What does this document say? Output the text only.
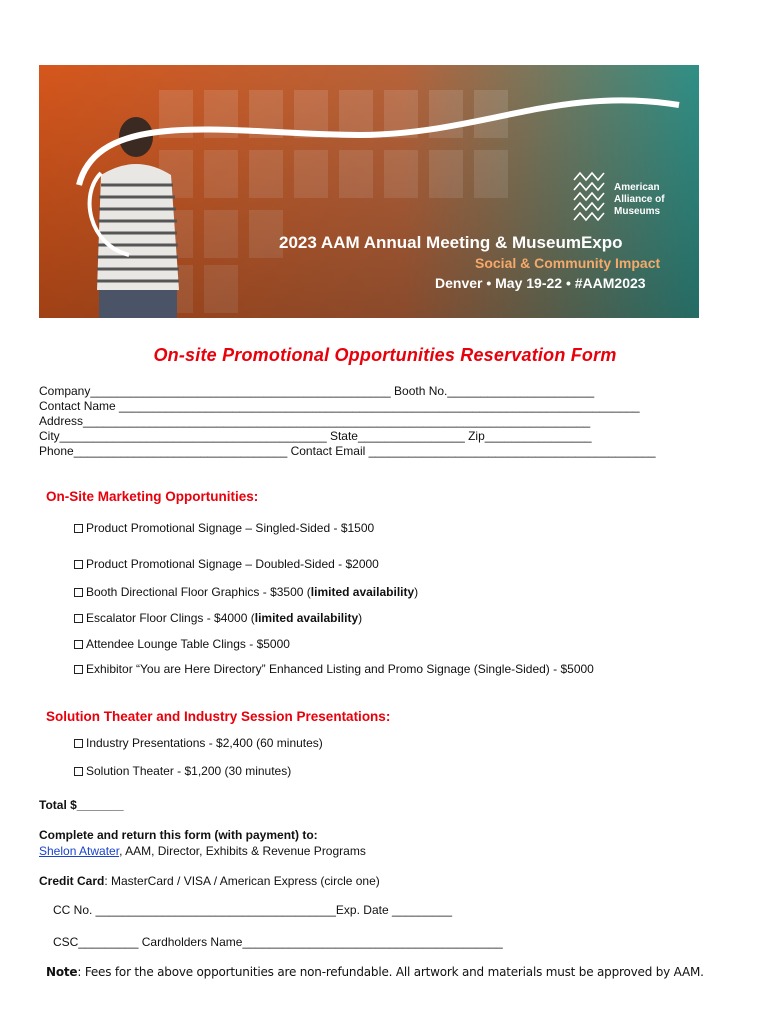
American
Alliance of
Museums
2023 AAM Annual Meeting & MuseumExpo
Social & Community Impact
Denver • May 19-22 • #AAM2023
On-site Promotional Opportunities Reservation Form
Company_____________________________________________ Booth No.______________________
Contact Name ______________________________________________________________________________
Address____________________________________________________________________________
City________________________________________ State________________ Zip________________
Phone________________________________ Contact Email ___________________________________________
On-Site Marketing Opportunities:
Product Promotional Signage – Singled-Sided - $1500
Product Promotional Signage – Doubled-Sided - $2000
Booth Directional Floor Graphics - $3500 (limited availability)
Escalator Floor Clings - $4000 (limited availability)
Attendee Lounge Table Clings - $5000
Exhibitor “You are Here Directory” Enhanced Listing and Promo Signage (Single-Sided) - $5000
Solution Theater and Industry Session Presentations:
Industry Presentations - $2,400 (60 minutes)
Solution Theater - $1,200 (30 minutes)
Total $_______
Complete and return this form (with payment) to:
Shelon Atwater, AAM, Director, Exhibits & Revenue Programs
Credit Card: MasterCard / VISA / American Express (circle one)
CC No. ____________________________________Exp. Date _________
CSC_________ Cardholders Name_______________________________________
Note: Fees for the above opportunities are non-refundable. All artwork and materials must be approved by AAM.
